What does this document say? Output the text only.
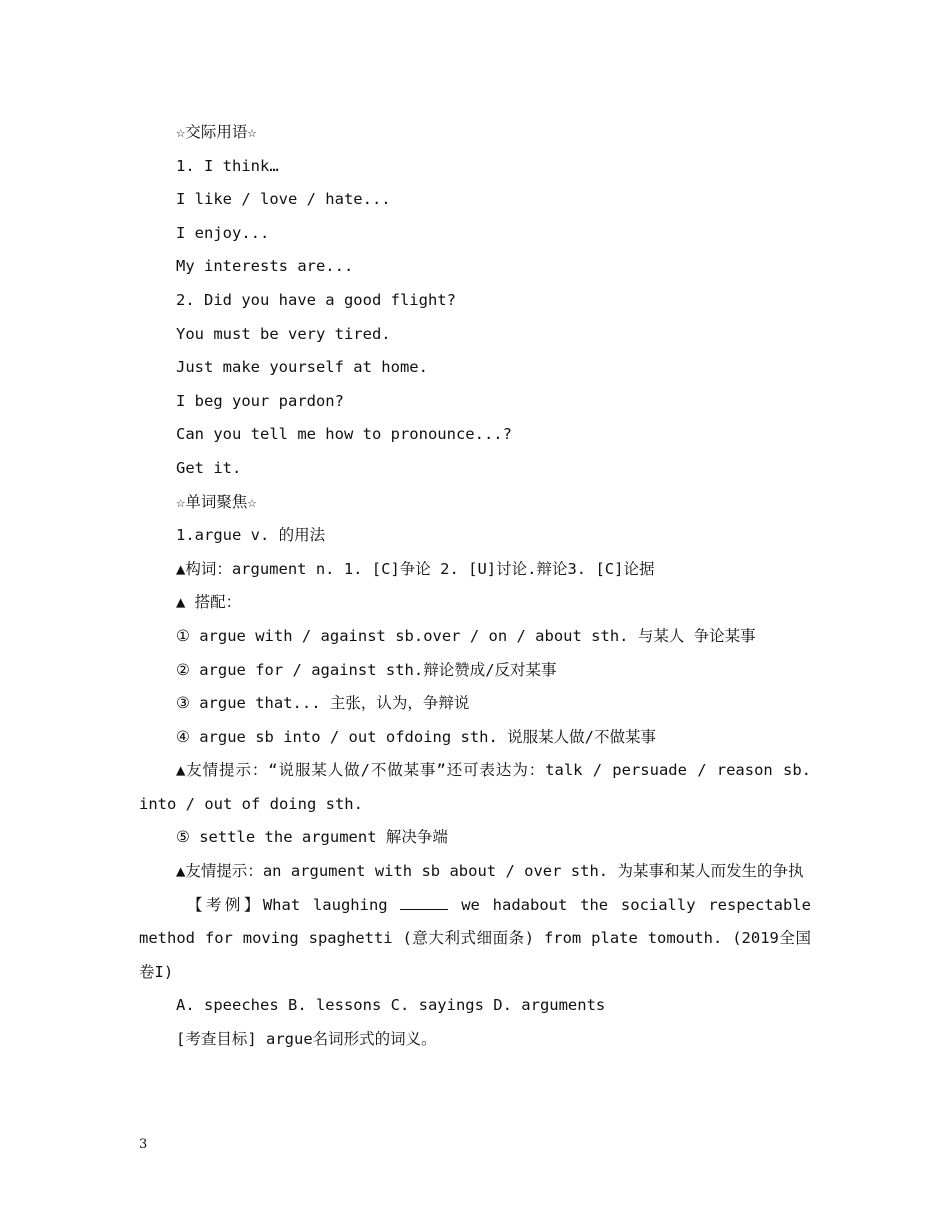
☆交际用语☆
1. I think…
I like / love / hate...
I enjoy...
My interests are...
2. Did you have a good flight?
You must be very tired.
Just make yourself at home.
I beg your pardon?
Can you tell me how to pronounce...?
Get it.
☆单词聚焦☆
1.argue v. 的用法
▲构词：argument n. 1. [C]争论 2. [U]讨论.辩论3. [C]论据
▲ 搭配：
① argue with / against sb.over / on / about sth. 与某人 争论某事
② argue for / against sth.辩论赞成/反对某事
③ argue that... 主张，认为，争辩说
④ argue sb into / out ofdoing sth. 说服某人做/不做某事
▲友情提示：“说服某人做/不做某事”还可表达为：talk / persuade / reason sb. into / out of doing sth.
⑤ settle the argument 解决争端
▲友情提示：an argument with sb about / over sth. 为某事和某人而发生的争执
【考例】What laughing	we hadabout the socially respectable method for moving spaghetti (意大利式细面条) from plate tomouth. (2019全国卷I)
A. speeches B. lessons C. sayings D. arguments
[考查目标] argue名词形式的词义。
3
